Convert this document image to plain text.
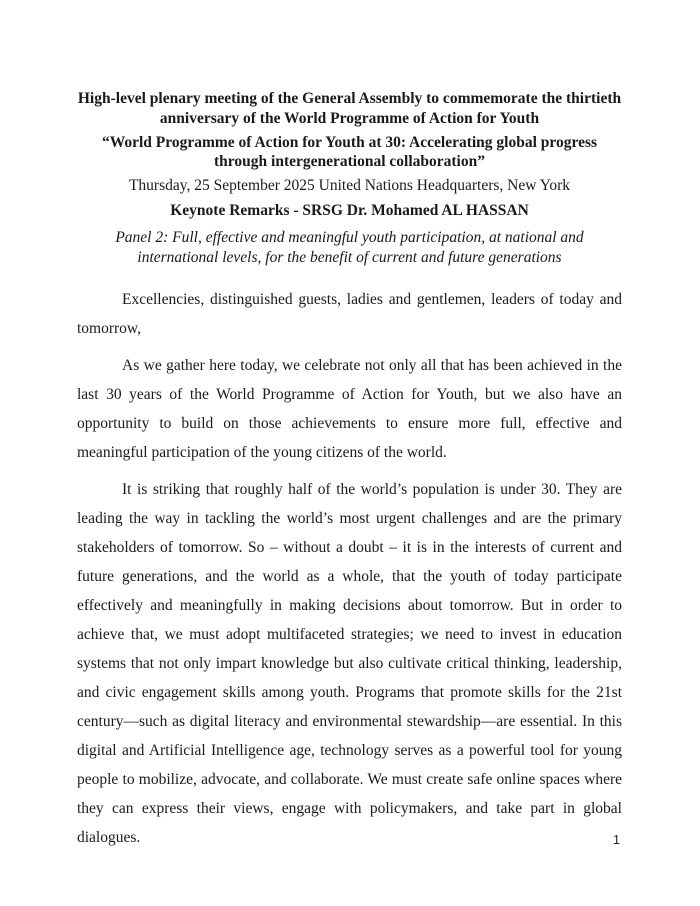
High-level plenary meeting of the General Assembly to commemorate the thirtieth anniversary of the World Programme of Action for Youth
“World Programme of Action for Youth at 30: Accelerating global progress through intergenerational collaboration”
Thursday, 25 September 2025 United Nations Headquarters, New York
Keynote Remarks - SRSG Dr. Mohamed AL HASSAN
Panel 2: Full, effective and meaningful youth participation, at national and international levels, for the benefit of current and future generations

Excellencies, distinguished guests, ladies and gentlemen, leaders of today and tomorrow,

As we gather here today, we celebrate not only all that has been achieved in the last 30 years of the World Programme of Action for Youth, but we also have an opportunity to build on those achievements to ensure more full, effective and meaningful participation of the young citizens of the world.

It is striking that roughly half of the world’s population is under 30. They are leading the way in tackling the world’s most urgent challenges and are the primary stakeholders of tomorrow. So – without a doubt – it is in the interests of current and future generations, and the world as a whole, that the youth of today participate effectively and meaningfully in making decisions about tomorrow. But in order to achieve that, we must adopt multifaceted strategies; we need to invest in education systems that not only impart knowledge but also cultivate critical thinking, leadership, and civic engagement skills among youth. Programs that promote skills for the 21st century—such as digital literacy and environmental stewardship—are essential. In this digital and Artificial Intelligence age, technology serves as a powerful tool for young people to mobilize, advocate, and collaborate. We must create safe online spaces where they can express their views, engage with policymakers, and take part in global dialogues.	1
